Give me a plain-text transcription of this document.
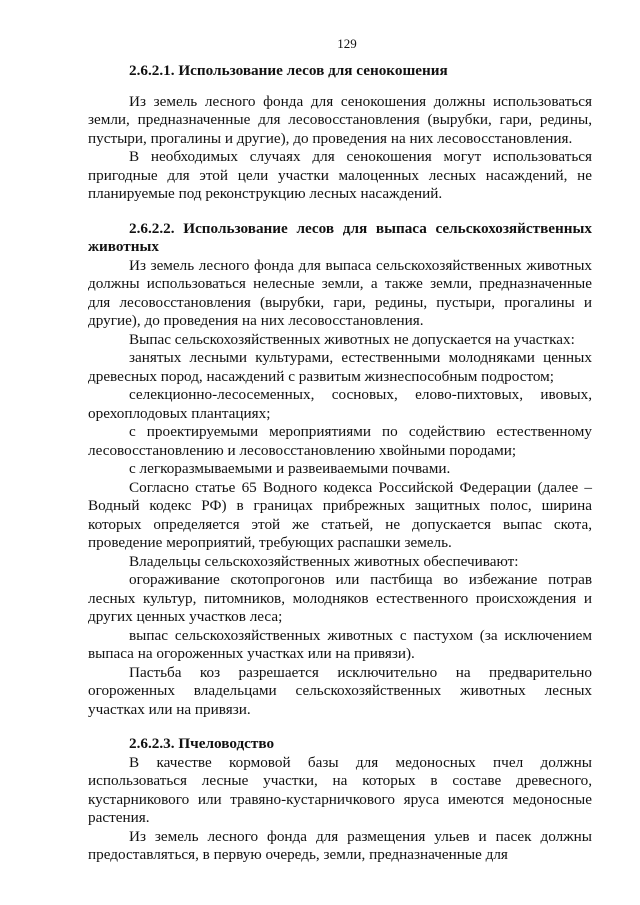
129
2.6.2.1. Использование лесов для сенокошения

Из земель лесного фонда для сенокошения должны использоваться земли, предназначенные для лесовосстановления (вырубки, гари, редины, пустыри, прогалины и другие), до проведения на них лесовосстановления.

В необходимых случаях для сенокошения могут использоваться пригодные для этой цели участки малоценных лесных насаждений, не планируемые под реконструкцию лесных насаждений.

2.6.2.2. Использование лесов для выпаса сельскохозяйственных животных

Из земель лесного фонда для выпаса сельскохозяйственных животных должны использоваться нелесные земли, а также земли, предназначенные для лесовосстановления (вырубки, гари, редины, пустыри, прогалины и другие), до проведения на них лесовосстановления.

Выпас сельскохозяйственных животных не допускается на участках:

занятых лесными культурами, естественными молодняками ценных древесных пород, насаждений с развитым жизнеспособным подростом;

селекционно-лесосеменных, сосновых, елово-пихтовых, ивовых, орехоплодовых плантациях;

с проектируемыми мероприятиями по содействию естественному лесовосстановлению и лесовосстановлению хвойными породами;

с легкоразмываемыми и развеиваемыми почвами.

Согласно статье 65 Водного кодекса Российской Федерации (далее – Водный кодекс РФ) в границах прибрежных защитных полос, ширина которых определяется этой же статьей, не допускается выпас скота, проведение мероприятий, требующих распашки земель.

Владельцы сельскохозяйственных животных обеспечивают:

огораживание скотопрогонов или пастбища во избежание потрав лесных культур, питомников, молодняков естественного происхождения и других ценных участков леса;

выпас сельскохозяйственных животных с пастухом (за исключением выпаса на огороженных участках или на привязи).

Пастьба коз разрешается исключительно на предварительно огороженных владельцами сельскохозяйственных животных лесных участках или на привязи.

2.6.2.3. Пчеловодство

В качестве кормовой базы для медоносных пчел должны использоваться лесные участки, на которых в составе древесного, кустарникового или травяно-кустарничкового яруса имеются медоносные растения.

Из земель лесного фонда для размещения ульев и пасек должны предоставляться, в первую очередь, земли, предназначенные для
